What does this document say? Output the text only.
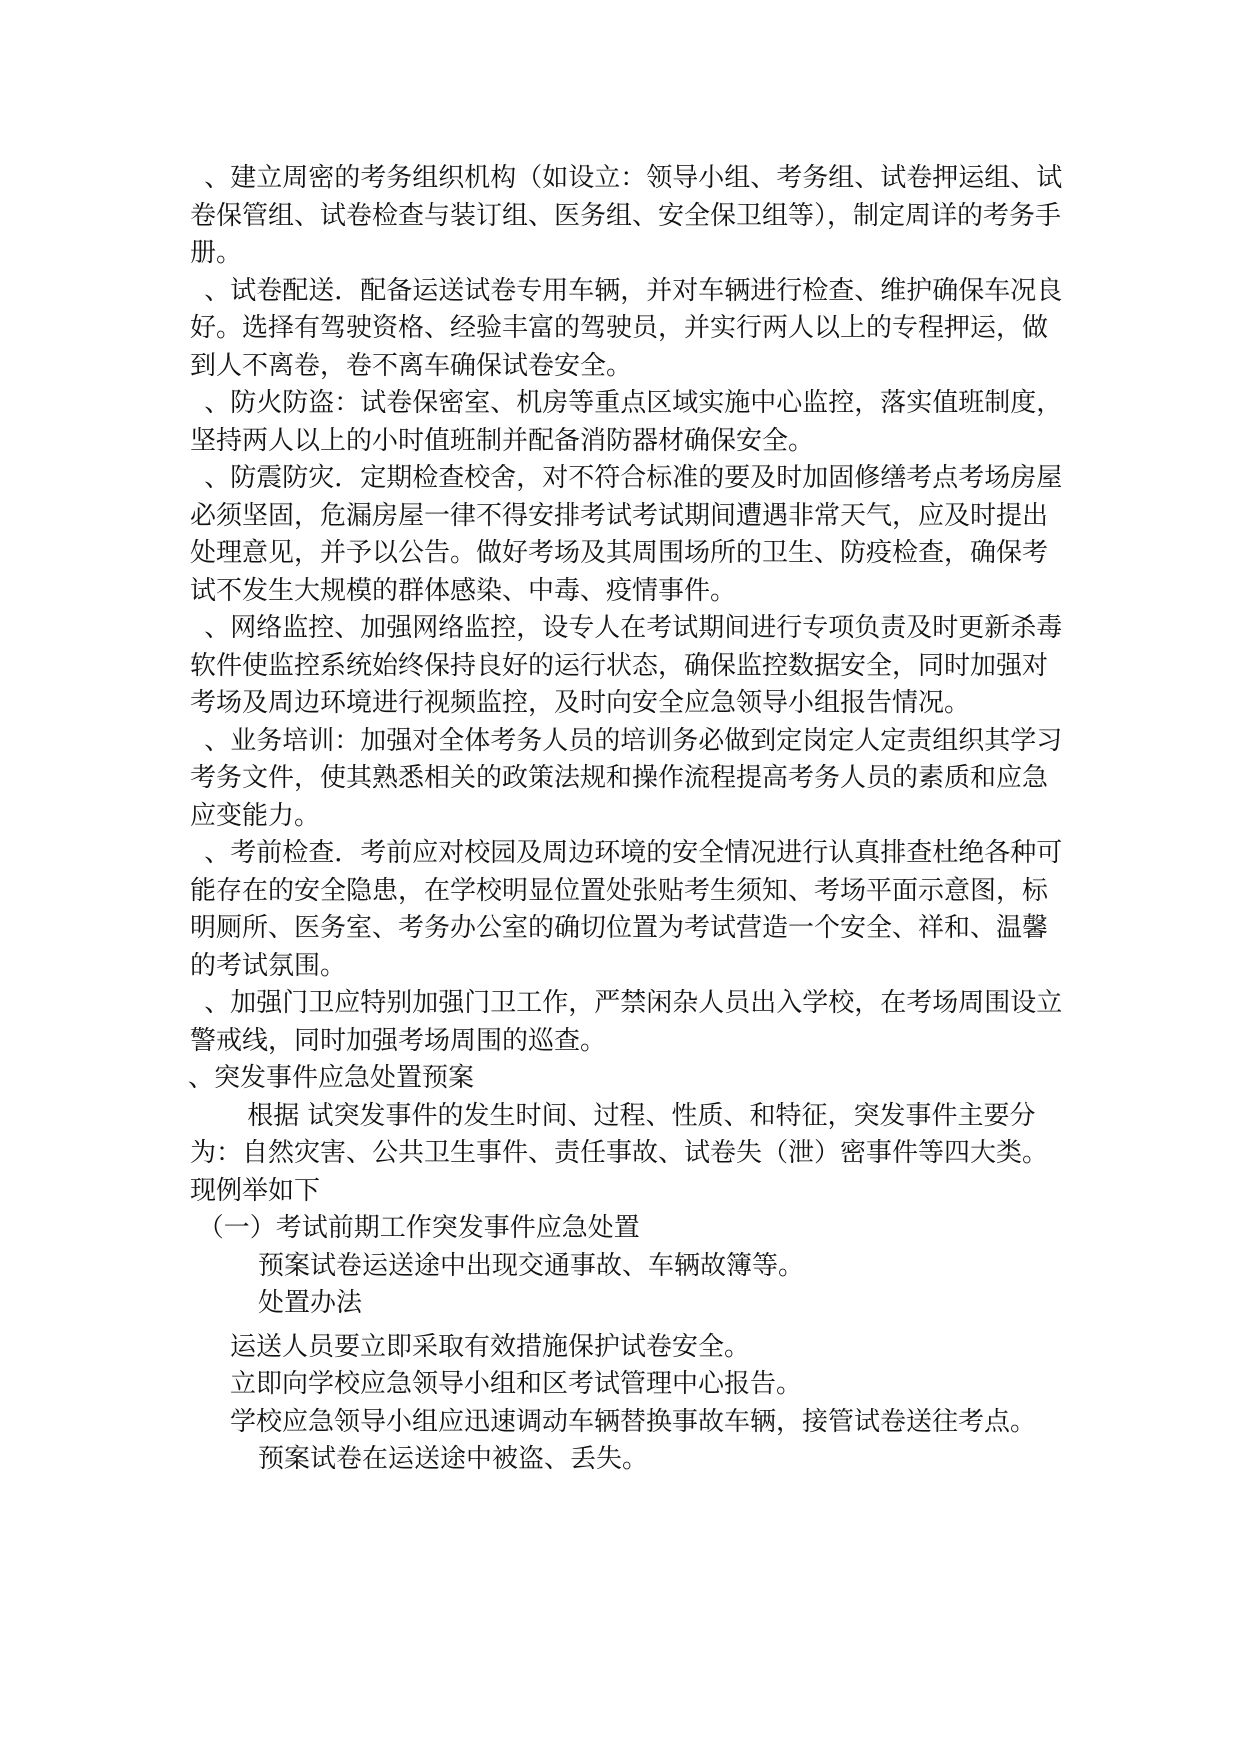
、建立周密的考务组织机构（如设立：领导小组、考务组、试卷押运组、试卷保管组、试卷检查与装订组、医务组、安全保卫组等），制定周详的考务手册。

、试卷配送．配备运送试卷专用车辆，并对车辆进行检查、维护确保车况良好。选择有驾驶资格、经验丰富的驾驶员，并实行两人以上的专程押运，做到人不离卷，卷不离车确保试卷安全。

、防火防盗：试卷保密室、机房等重点区域实施中心监控，落实值班制度，坚持两人以上的小时值班制并配备消防器材确保安全。

、防震防灾．定期检查校舍，对不符合标准的要及时加固修缮考点考场房屋必须坚固，危漏房屋一律不得安排考试考试期间遭遇非常天气，应及时提出处理意见，并予以公告。做好考场及其周围场所的卫生、防疫检查，确保考试不发生大规模的群体感染、中毒、疫情事件。

、网络监控、加强网络监控，设专人在考试期间进行专项负责及时更新杀毒软件使监控系统始终保持良好的运行状态，确保监控数据安全，同时加强对考场及周边环境进行视频监控，及时向安全应急领导小组报告情况。

、业务培训：加强对全体考务人员的培训务必做到定岗定人定责组织其学习考务文件，使其熟悉相关的政策法规和操作流程提高考务人员的素质和应急应变能力。

、考前检查．考前应对校园及周边环境的安全情况进行认真排查杜绝各种可能存在的安全隐患，在学校明显位置处张贴考生须知、考场平面示意图，标明厕所、医务室、考务办公室的确切位置为考试营造一个安全、祥和、温馨的考试氛围。

、加强门卫应特别加强门卫工作，严禁闲杂人员出入学校，在考场周围设立警戒线，同时加强考场周围的巡查。

、突发事件应急处置预案

根据 试突发事件的发生时间、过程、性质、和特征，突发事件主要分为：自然灾害、公共卫生事件、责任事故、试卷失（泄）密事件等四大类。现例举如下

（一）考试前期工作突发事件应急处置

预案试卷运送途中出现交通事故、车辆故簿等。

处置办法

运送人员要立即采取有效措施保护试卷安全。

立即向学校应急领导小组和区考试管理中心报告。

学校应急领导小组应迅速调动车辆替换事故车辆，接管试卷送往考点。

预案试卷在运送途中被盗、丢失。
